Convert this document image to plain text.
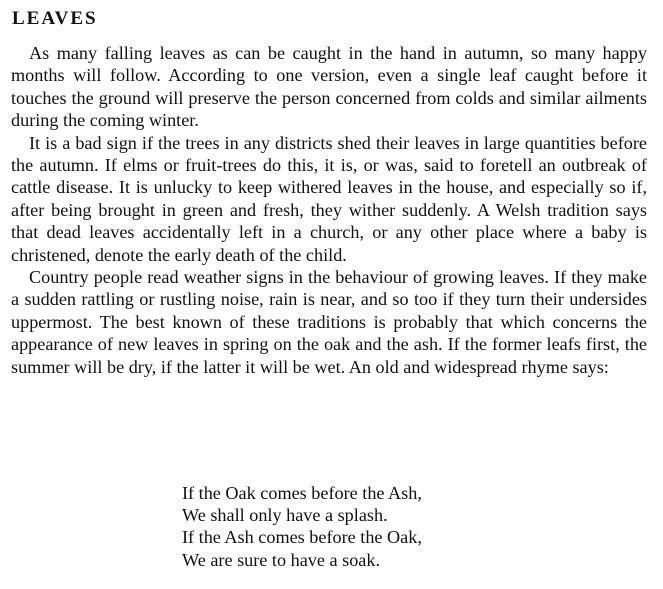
LEAVES

As many falling leaves as can be caught in the hand in autumn, so many happy months will follow. According to one version, even a single leaf caught before it touches the ground will preserve the person concerned from colds and similar ailments during the coming winter.

It is a bad sign if the trees in any districts shed their leaves in large quantities before the autumn. If elms or fruit-trees do this, it is, or was, said to foretell an outbreak of cattle disease. It is unlucky to keep withered leaves in the house, and especially so if, after being brought in green and fresh, they wither suddenly. A Welsh tradition says that dead leaves accidentally left in a church, or any other place where a baby is christened, denote the early death of the child.

Country people read weather signs in the behaviour of growing leaves. If they make a sudden rattling or rustling noise, rain is near, and so too if they turn their undersides uppermost. The best known of these traditions is probably that which concerns the appearance of new leaves in spring on the oak and the ash. If the former leafs first, the summer will be dry, if the latter it will be wet. An old and widespread rhyme says:

If the Oak comes before the Ash,
We shall only have a splash.
If the Ash comes before the Oak,
We are sure to have a soak.
